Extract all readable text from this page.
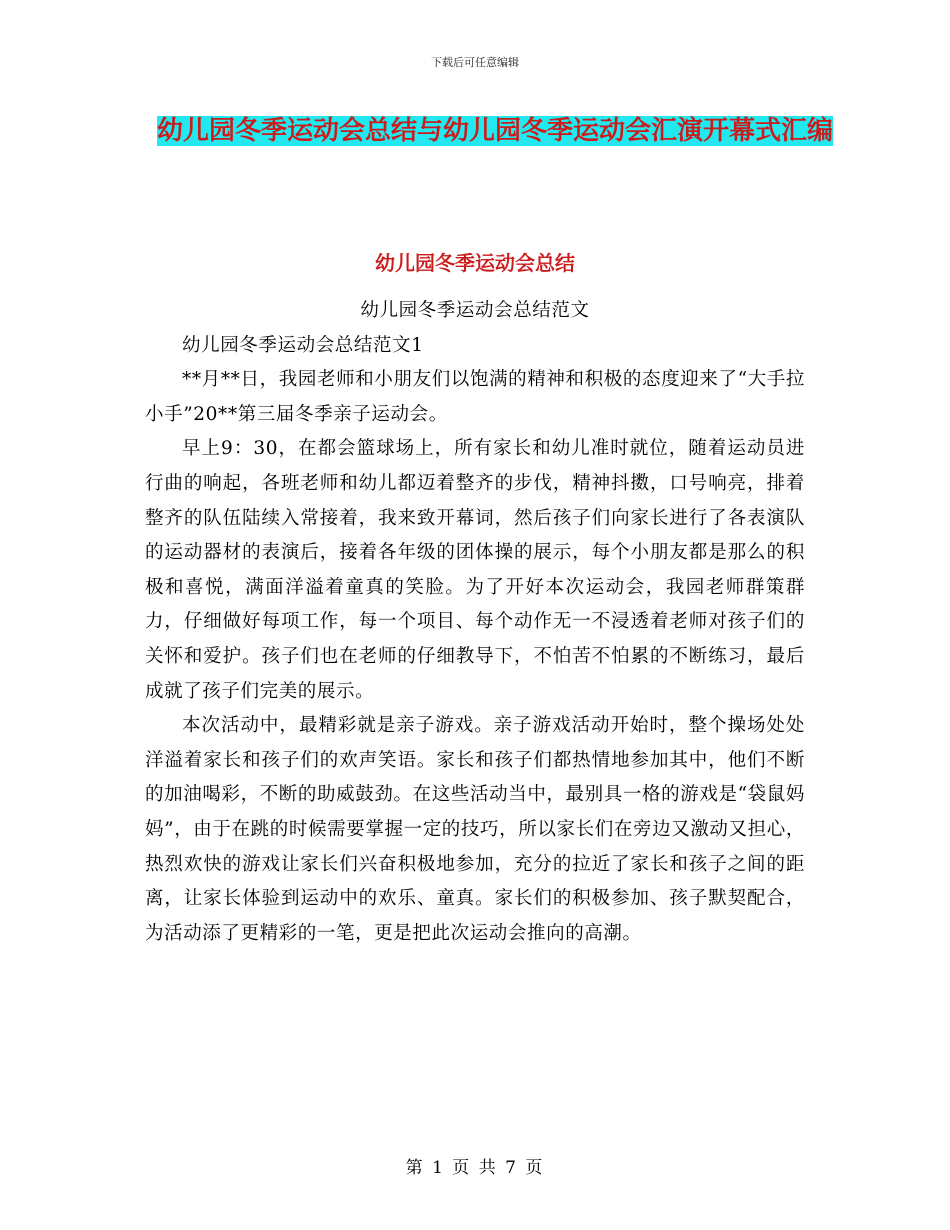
下载后可任意编辑
幼儿园冬季运动会总结与幼儿园冬季运动会汇演开幕式汇编
幼儿园冬季运动会总结

幼儿园冬季运动会总结范文

幼儿园冬季运动会总结范文1

**月**日，我园老师和小朋友们以饱满的精神和积极的态度迎来了“大手拉小手”20**第三届冬季亲子运动会。

早上9：30，在都会篮球场上，所有家长和幼儿准时就位，随着运动员进行曲的响起，各班老师和幼儿都迈着整齐的步伐，精神抖擞，口号响亮，排着整齐的队伍陆续入常接着，我来致开幕词，然后孩子们向家长进行了各表演队的运动器材的表演后，接着各年级的团体操的展示，每个小朋友都是那么的积极和喜悦，满面洋溢着童真的笑脸。为了开好本次运动会，我园老师群策群力，仔细做好每项工作，每一个项目、每个动作无一不浸透着老师对孩子们的关怀和爱护。孩子们也在老师的仔细教导下，不怕苦不怕累的不断练习，最后成就了孩子们完美的展示。

本次活动中，最精彩就是亲子游戏。亲子游戏活动开始时，整个操场处处洋溢着家长和孩子们的欢声笑语。家长和孩子们都热情地参加其中，他们不断的加油喝彩，不断的助威鼓劲。在这些活动当中，最别具一格的游戏是“袋鼠妈妈”，由于在跳的时候需要掌握一定的技巧，所以家长们在旁边又激动又担心，热烈欢快的游戏让家长们兴奋积极地参加，充分的拉近了家长和孩子之间的距离，让家长体验到运动中的欢乐、童真。家长们的积极参加、孩子默契配合，为活动添了更精彩的一笔，更是把此次运动会推向的高潮。

第 1 页 共 7 页
